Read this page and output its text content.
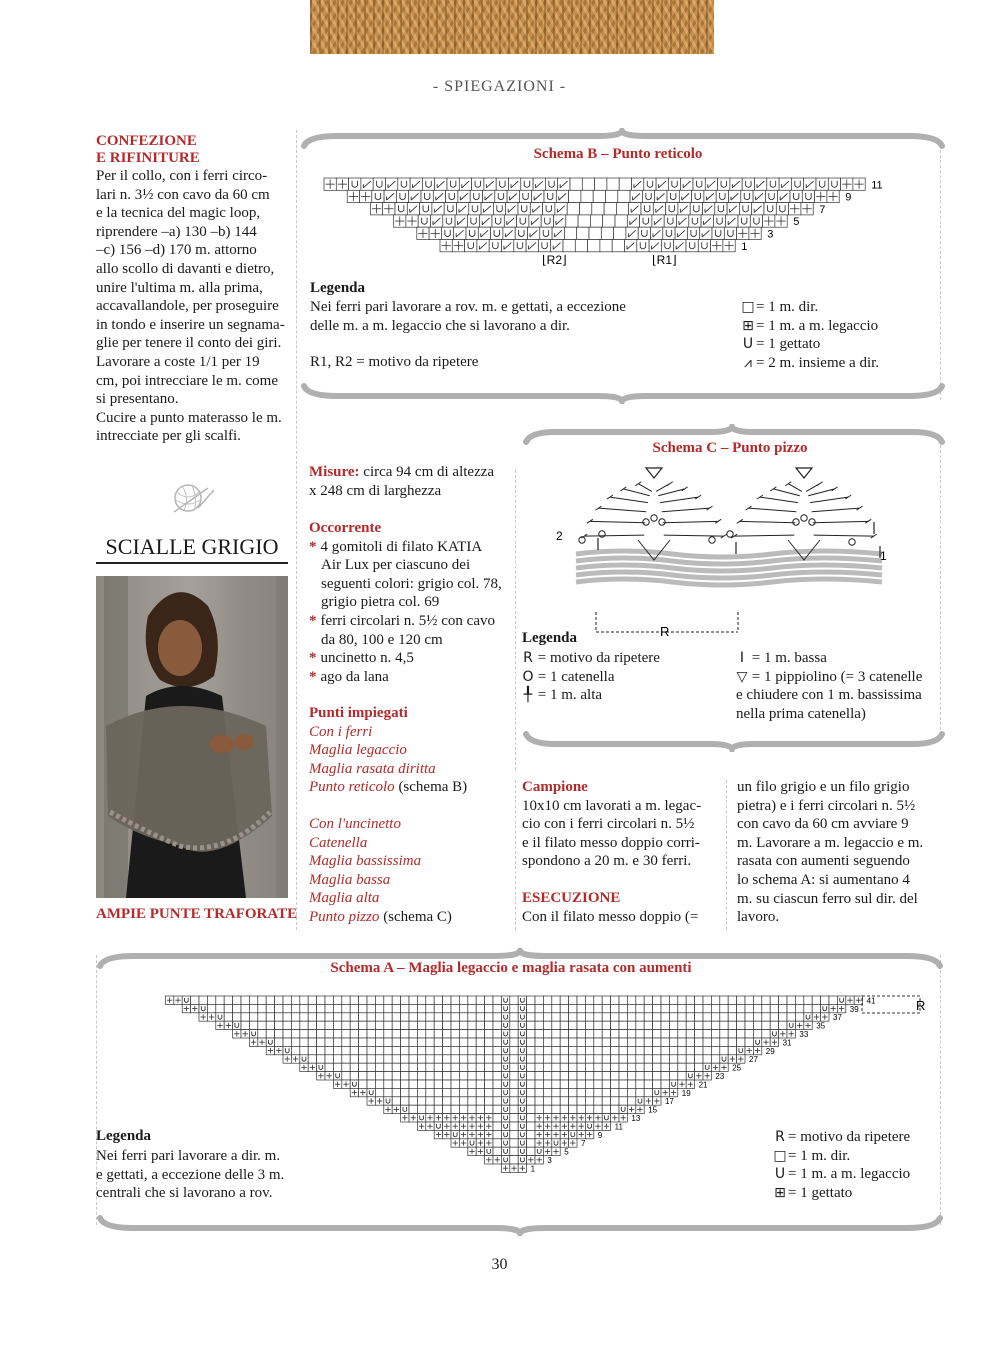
- SPIEGAZIONI -
CONFEZIONE
E RIFINITURE
Per il collo, con i ferri circo-
lari n. 3½ con cavo da 60 cm
e la tecnica del magic loop,
riprendere –a) 130 –b) 144
–c) 156 –d) 170 m. attorno
allo scollo di davanti e dietro,
unire l'ultima m. alla prima,
accavallandole, per proseguire
in tondo e inserire un segnama-
glie per tenere il conto dei giri.
Lavorare a coste 1/1 per 19
cm, poi intrecciare le m. come
si presentano.
Cucire a punto materasso le m.
intrecciate per gli scalfi.
SCIALLE GRIGIO
AMPIE PUNTE TRAFORATE
Schema B – Punto reticolo
11
9
7
5
3
1
⌊R2⌋	⌊R1⌋
Legenda
Nei ferri pari lavorare a rov. m. e gettati, a eccezione
delle m. a m. legaccio che si lavorano a dir.
R1, R2 = motivo da ripetere
□= 1 m. dir.
⊞ = 1 m. a m. legaccio
U = 1 gettato
⩘ = 2 m. insieme a dir.
Misure: circa 94 cm di altezza
x 248 cm di larghezza
Occorrente
* 4 gomitoli di filato KATIA
Air Lux per ciascuno dei
seguenti colori: grigio col. 78,
grigio pietra col. 69
* ferri circolari n. 5½ con cavo
da 80, 100 e 120 cm
* uncinetto n. 4,5
* ago da lana
Punti impiegati
Con i ferri
Maglia legaccio
Maglia rasata diritta
Punto reticolo (schema B)
Con l'uncinetto
Catenella
Maglia bassissima
Maglia bassa
Maglia alta
Punto pizzo (schema C)
Schema C – Punto pizzo
2
1
R
Legenda
R = motivo da ripetere
O = 1 catenella
╀ = 1 m. alta
I = 1 m. bassa
▽ = 1 pippiolino (= 3 catenelle
e chiudere con 1 m. bassissima
nella prima catenella)
Campione
10x10 cm lavorati a m. legac-
cio con i ferri circolari n. 5½
e il filato messo doppio corri-
spondono a 20 m. e 30 ferri.
ESECUZIONE
Con il filato messo doppio (=
un filo grigio e un filo grigio
pietra) e i ferri circolari n. 5½
con cavo da 60 cm avviare 9
m. Lavorare a m. legaccio e m.
rasata con aumenti seguendo
lo schema A: si aumentano 4
m. su ciascun ferro sul dir. del
lavoro.
Schema A – Maglia legaccio e maglia rasata con aumenti
41
39
37
35
33
31
29
27
25
23
21
19
17
15
13
11
9
7
5
3
1
R
Legenda
Nei ferri pari lavorare a dir. m.
e gettati, a eccezione delle 3 m.
centrali che si lavorano a rov.
R = motivo da ripetere
□= 1 m. dir.
U = 1 m. a m. legaccio
⊞ = 1 gettato
30
